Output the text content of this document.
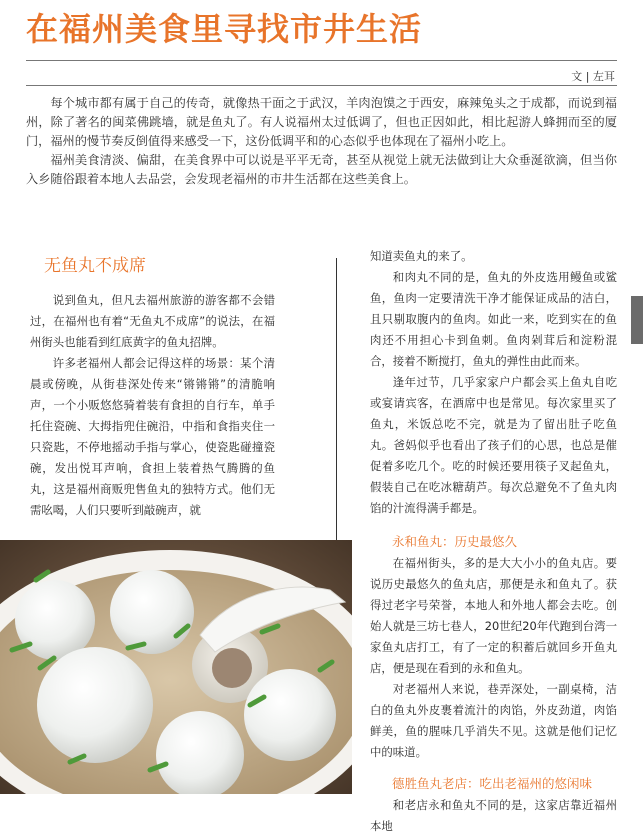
在福州美食里寻找市井生活
文 | 左耳

每个城市都有属于自己的传奇，就像热干面之于武汉，羊肉泡馍之于西安，麻辣兔头之于成都，而说到福州，除了著名的闽菜佛跳墙，就是鱼丸了。有人说福州太过低调了，但也正因如此，相比起游人蜂拥而至的厦门，福州的慢节奏反倒值得来感受一下，这份低调平和的心态似乎也体现在了福州小吃上。

福州美食清淡、偏甜，在美食界中可以说是平平无奇，甚至从视觉上就无法做到让大众垂涎欲滴，但当你入乡随俗跟着本地人去品尝，会发现老福州的市井生活都在这些美食上。

无鱼丸不成席

说到鱼丸，但凡去福州旅游的游客都不会错过，在福州也有着“无鱼丸不成席”的说法，在福州街头也能看到红底黄字的鱼丸招牌。

许多老福州人都会记得这样的场景：某个清晨或傍晚，从街巷深处传来“锵锵锵”的清脆响声，一个小贩悠悠骑着装有食担的自行车，单手托住瓷碗、大拇指兜住碗沿，中指和食指夹住一只瓷匙，不停地摇动手指与掌心，使瓷匙碰撞瓷碗，发出悦耳声响，食担上装着热气腾腾的鱼丸，这是福州商贩兜售鱼丸的独特方式。他们无需吆喝，人们只要听到敲碗声，就

知道卖鱼丸的来了。

和肉丸不同的是，鱼丸的外皮选用鳗鱼或鲨鱼，鱼肉一定要清洗干净才能保证成品的洁白，且只剔取腹内的鱼肉。如此一来，吃到实在的鱼肉还不用担心卡到鱼刺。鱼肉剁茸后和淀粉混合，接着不断搅打，鱼丸的弹性由此而来。

逢年过节，几乎家家户户都会买上鱼丸自吃或宴请宾客，在酒席中也是常见。每次家里买了鱼丸，米饭总吃不完，就是为了留出肚子吃鱼丸。爸妈似乎也看出了孩子们的心思，也总是催促着多吃几个。吃的时候还要用筷子叉起鱼丸，假装自己在吃冰糖葫芦。每次总避免不了鱼丸肉馅的汁流得满手都是。

永和鱼丸：历史最悠久

在福州街头，多的是大大小小的鱼丸店。要说历史最悠久的鱼丸店，那便是永和鱼丸了。获得过老字号荣誉，本地人和外地人都会去吃。创始人就是三坊七巷人，20世纪20年代跑到台湾一家鱼丸店打工，有了一定的积蓄后就回乡开鱼丸店，便是现在看到的永和鱼丸。

对老福州人来说，巷弄深处，一副桌椅，洁白的鱼丸外皮裹着流汁的肉馅，外皮劲道，肉馅鲜美，鱼的腥味几乎消失不见。这就是他们记忆中的味道。

德胜鱼丸老店：吃出老福州的悠闲味

和老店永和鱼丸不同的是，这家店靠近福州本地
